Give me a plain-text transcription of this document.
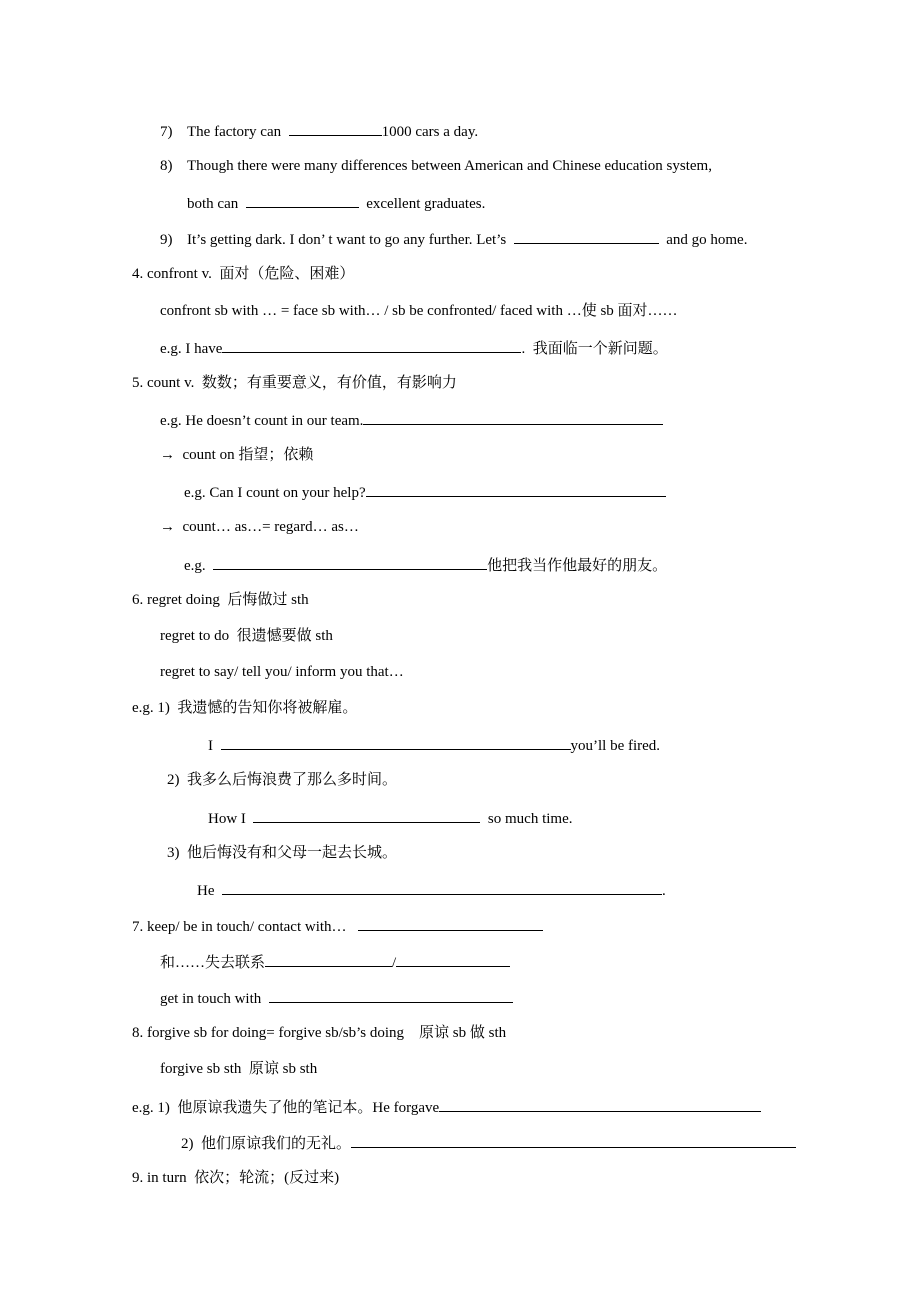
7) The factory can	1000 cars a day.
8) Though there were many differences between American and Chinese education system,
both can	excellent graduates.
9) It’s getting dark. I don’ t want to go any further. Let’s	and go home.
4. confront v.  面对（危险、困难）
confront sb with … = face sb with… / sb be confronted/ faced with …使 sb 面对……
e.g. I have	.  我面临一个新问题。
5. count v.  数数；有重要意义，有价值，有影响力
e.g. He doesn’t count in our team.
→  count on 指望；依赖
e.g. Can I count on your help?
→  count… as…= regard… as…
e.g.	他把我当作他最好的朋友。
6. regret doing  后悔做过 sth
regret to do  很遗憾要做 sth
regret to say/ tell you/ inform you that…
e.g. 1)  我遗憾的告知你将被解雇。
I	you’ll be fired.
2)  我多么后悔浪费了那么多时间。
How I	so much time.
3)  他后悔没有和父母一起去长城。
He	.
7. keep/ be in touch/ contact with…
和……失去联系	/
get in touch with
8. forgive sb for doing= forgive sb/sb’s doing    原谅 sb 做 sth
forgive sb sth  原谅 sb sth
e.g. 1)  他原谅我遗失了他的笔记本。He forgave
2)  他们原谅我们的无礼。
9. in turn  依次；轮流；(反过来)
